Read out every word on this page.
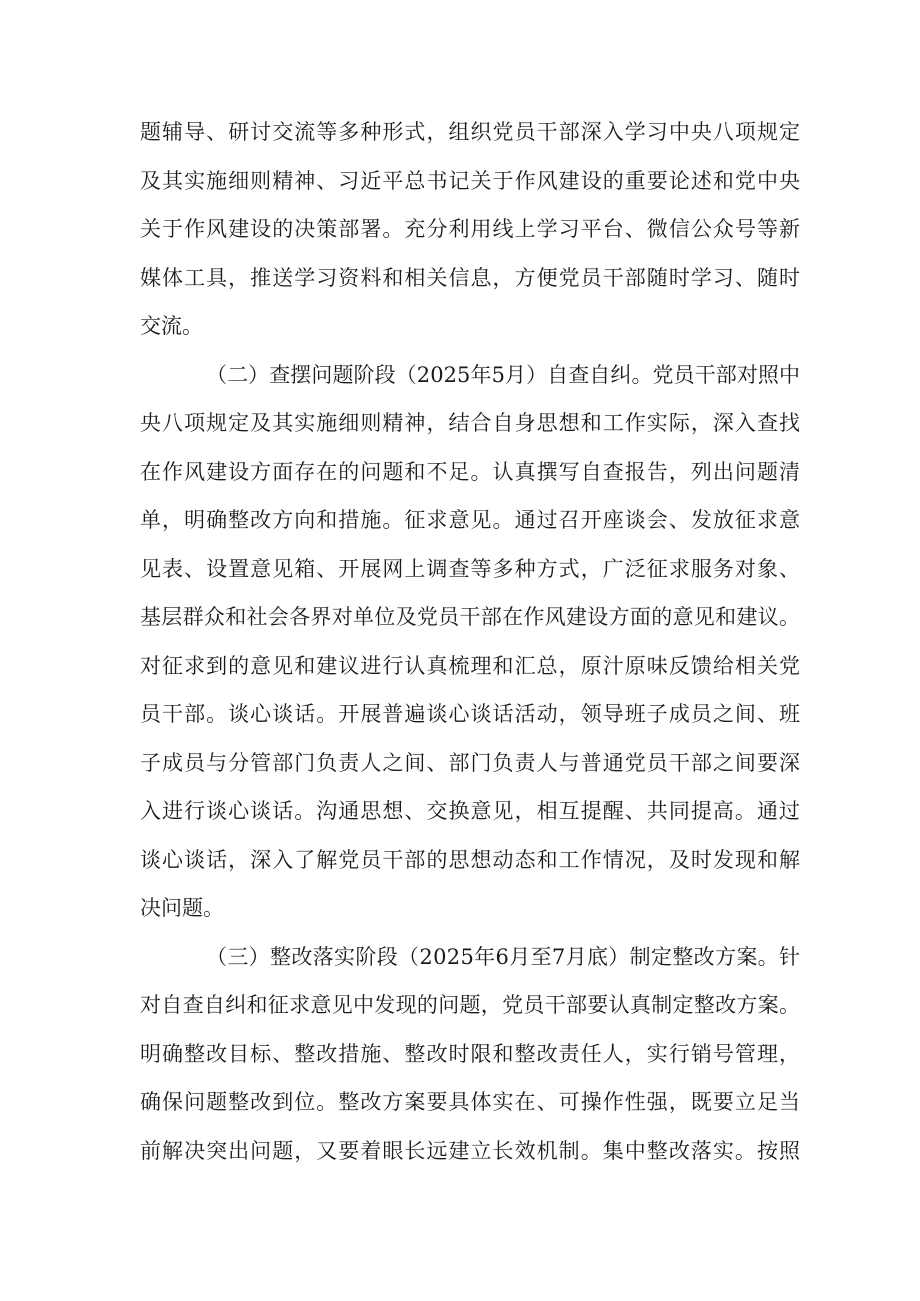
题辅导、研讨交流等多种形式，组织党员干部深入学习中央八项规定
及其实施细则精神、习近平总书记关于作风建设的重要论述和党中央
关于作风建设的决策部署。充分利用线上学习平台、微信公众号等新
媒体工具，推送学习资料和相关信息，方便党员干部随时学习、随时
交流。
（二）查摆问题阶段（2025年5月）自查自纠。党员干部对照中
央八项规定及其实施细则精神，结合自身思想和工作实际，深入查找
在作风建设方面存在的问题和不足。认真撰写自查报告，列出问题清
单，明确整改方向和措施。征求意见。通过召开座谈会、发放征求意
见表、设置意见箱、开展网上调查等多种方式，广泛征求服务对象、
基层群众和社会各界对单位及党员干部在作风建设方面的意见和建议。
对征求到的意见和建议进行认真梳理和汇总，原汁原味反馈给相关党
员干部。谈心谈话。开展普遍谈心谈话活动，领导班子成员之间、班
子成员与分管部门负责人之间、部门负责人与普通党员干部之间要深
入进行谈心谈话。沟通思想、交换意见，相互提醒、共同提高。通过
谈心谈话，深入了解党员干部的思想动态和工作情况，及时发现和解
决问题。
（三）整改落实阶段（2025年6月至7月底）制定整改方案。针
对自查自纠和征求意见中发现的问题，党员干部要认真制定整改方案。
明确整改目标、整改措施、整改时限和整改责任人，实行销号管理，
确保问题整改到位。整改方案要具体实在、可操作性强，既要立足当
前解决突出问题，又要着眼长远建立长效机制。集中整改落实。按照
